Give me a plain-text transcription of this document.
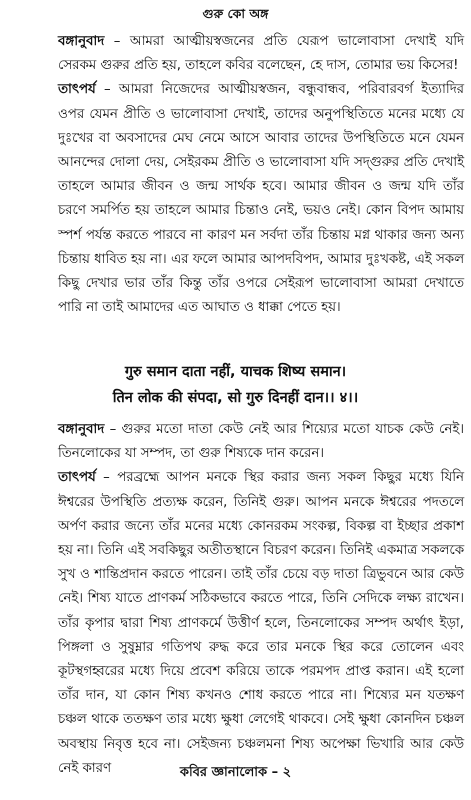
গুরু কো অঙ্গ

বঙ্গানুবাদ – আমরা আত্মীয়স্বজনের প্রতি যেরূপ ভালোবাসা দেখাই যদি সেরকম গুরুর প্রতি হয়, তাহলে কবির বলেছেন, হে দাস, তোমার ভয় কিসের!

তাৎপর্য – আমরা নিজেদের আত্মীয়স্বজন, বন্ধুবান্ধব, পরিবারবর্গ ইত্যাদির ওপর যেমন প্রীতি ও ভালোবাসা দেখাই, তাদের অনুপস্থিতিতে মনের মধ্যে যে দুঃখের বা অবসাদের মেঘ নেমে আসে আবার তাদের উপস্থিতিতে মনে যেমন আনন্দের দোলা দেয়, সেইরকম প্রীতি ও ভালোবাসা যদি সদ্গুরুর প্রতি দেখাই তাহলে আমার জীবন ও জন্ম সার্থক হবে। আমার জীবন ও জন্ম যদি তাঁর চরণে সমর্পিত হয় তাহলে আমার চিন্তাও নেই, ভয়ও নেই। কোন বিপদ আমায় স্পর্শ পর্যন্ত করতে পারবে না কারণ মন সর্বদা তাঁর চিন্তায় মগ্ন থাকার জন্য অন্য চিন্তায় ধাবিত হয় না। এর ফলে আমার আপদবিপদ, আমার দুঃখকষ্ট, এই সকল কিছু দেখার ভার তাঁর কিন্তু তাঁর ওপরে সেইরূপ ভালোবাসা আমরা দেখাতে পারি না তাই আমাদের এত আঘাত ও ধাক্কা পেতে হয়।

गुरु समान दाता नहीं, याचक शिष्य समान।
तिन लोक की संपदा, सो गुरु दिनहीं दान।। ४।।

বঙ্গানুবাদ – গুরুর মতো দাতা কেউ নেই আর শিয়্যের মতো যাচক কেউ নেই। তিনলোকের যা সম্পদ, তা গুরু শিষ্যকে দান করেন।

তাৎপর্য – পরব্রহ্মে আপন মনকে স্থির করার জন্য সকল কিছুর মধ্যে যিনি ঈশ্বরের উপস্থিতি প্রত্যক্ষ করেন, তিনিই গুরু। আপন মনকে ঈশ্বরের পদতলে অর্পণ করার জন্যে তাঁর মনের মধ্যে কোনরকম সংকল্প, বিকল্প বা ইচ্ছার প্রকাশ হয় না। তিনি এই সবকিছুর অতীতস্থানে বিচরণ করেন। তিনিই একমাত্র সকলকে সুখ ও শান্তিপ্রদান করতে পারেন। তাই তাঁর চেয়ে বড় দাতা ত্রিভুবনে আর কেউ নেই। শিষ্য যাতে প্রাণকর্ম সঠিকভাবে করতে পারে, তিনি সেদিকে লক্ষ্য রাখেন। তাঁর কৃপার দ্বারা শিষ্য প্রাণকর্মে উত্তীর্ণ হলে, তিনলোকের সম্পদ অর্থাৎ ইড়া, পিঙ্গলা ও সুষুম্নার গতিপথ রুদ্ধ করে তার মনকে স্থির করে তোলেন এবং কূটস্থগহ্বরের মধ্যে দিয়ে প্রবেশ করিয়ে তাকে পরমপদ প্রাপ্ত করান। এই হলো তাঁর দান, যা কোন শিষ্য কখনও শোধ করতে পারে না। শিষ্যের মন যতক্ষণ চঞ্চল থাকে ততক্ষণ তার মধ্যে ক্ষুধা লেগেই থাকবে। সেই ক্ষুধা কোনদিন চঞ্চল অবস্থায় নিবৃত্ত হবে না। সেইজন্য চঞ্চলমনা শিষ্য অপেক্ষা ভিখারি আর কেউ নেই কারণ	কবির জ্ঞানালোক – ২
